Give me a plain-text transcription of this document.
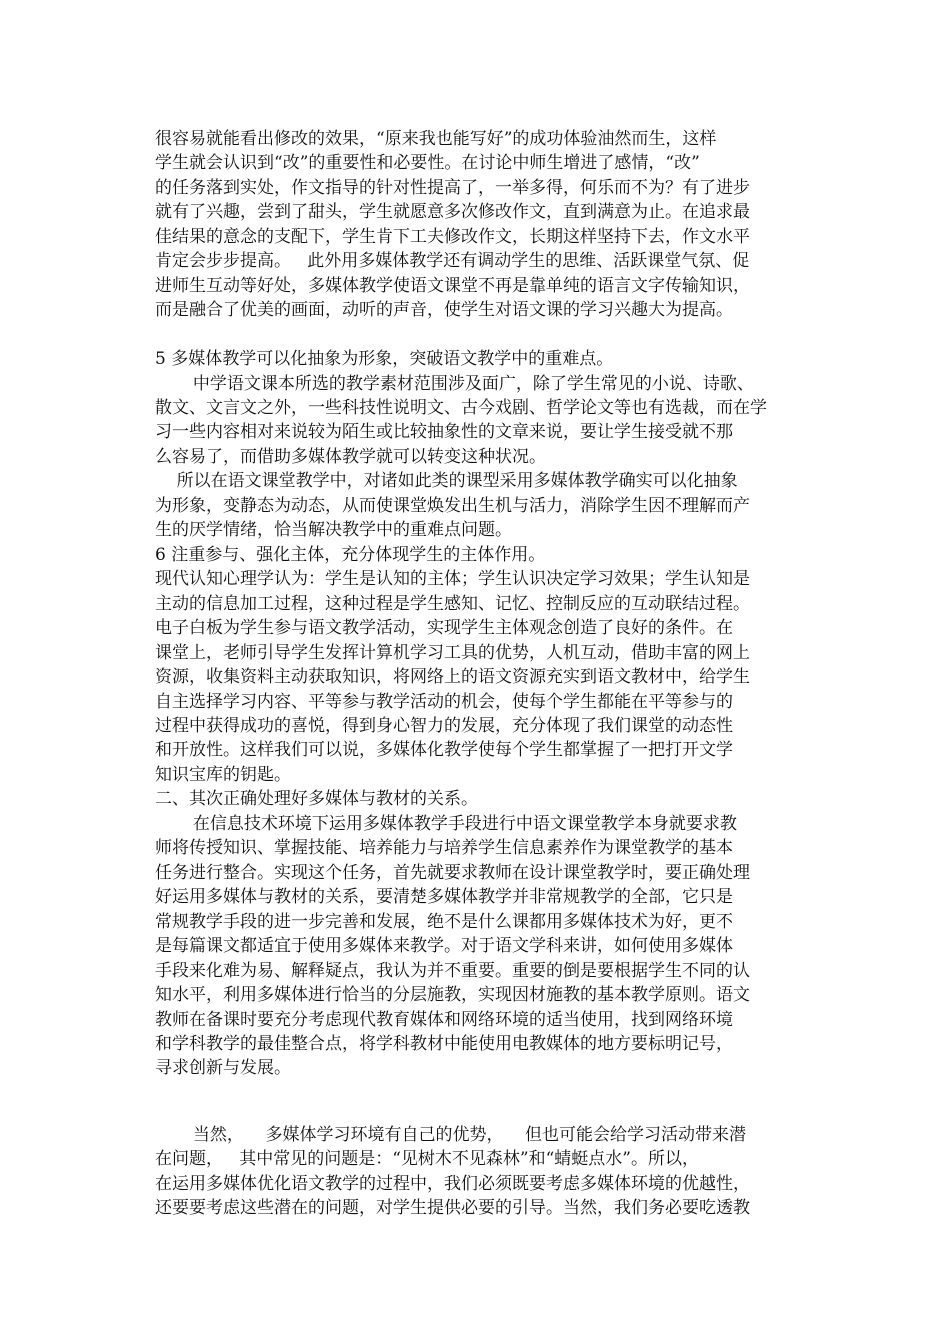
很容易就能看出修改的效果，“原来我也能写好”的成功体验油然而生，这样
学生就会认识到“改”的重要性和必要性。在讨论中师生增进了感情，“改”
的任务落到实处，作文指导的针对性提高了，一举多得，何乐而不为？有了进步
就有了兴趣，尝到了甜头，学生就愿意多次修改作文，直到满意为止。在追求最
佳结果的意念的支配下，学生肯下工夫修改作文，长期这样坚持下去，作文水平
肯定会步步提高。   此外用多媒体教学还有调动学生的思维、活跃课堂气氛、促
进师生互动等好处，多媒体教学使语文课堂不再是靠单纯的语言文字传输知识，
而是融合了优美的画面，动听的声音，使学生对语文课的学习兴趣大为提高。
5 多媒体教学可以化抽象为形象，突破语文教学中的重难点。
中学语文课本所选的教学素材范围涉及面广，除了学生常见的小说、诗歌、
散文、文言文之外，一些科技性说明文、古今戏剧、哲学论文等也有选裁，而在学
习一些内容相对来说较为陌生或比较抽象性的文章来说，要让学生接受就不那
么容易了，而借助多媒体教学就可以转变这种状况。
所以在语文课堂教学中，对诸如此类的课型采用多媒体教学确实可以化抽象
为形象，变静态为动态，从而使课堂焕发出生机与活力，消除学生因不理解而产
生的厌学情绪，恰当解决教学中的重难点问题。
6 注重参与、强化主体，充分体现学生的主体作用。
现代认知心理学认为：学生是认知的主体；学生认识决定学习效果；学生认知是
主动的信息加工过程，这种过程是学生感知、记忆、控制反应的互动联结过程。
电子白板为学生参与语文教学活动，实现学生主体观念创造了良好的条件。在
课堂上，老师引导学生发挥计算机学习工具的优势，人机互动，借助丰富的网上
资源，收集资料主动获取知识，将网络上的语文资源充实到语文教材中，给学生
自主选择学习内容、平等参与教学活动的机会，使每个学生都能在平等参与的
过程中获得成功的喜悦，得到身心智力的发展，充分体现了我们课堂的动态性
和开放性。这样我们可以说，多媒体化教学使每个学生都掌握了一把打开文学
知识宝库的钥匙。
二、其次正确处理好多媒体与教材的关系。
在信息技术环境下运用多媒体教学手段进行中语文课堂教学本身就要求教
师将传授知识、掌握技能、培养能力与培养学生信息素养作为课堂教学的基本
任务进行整合。实现这个任务，首先就要求教师在设计课堂教学时，要正确处理
好运用多媒体与教材的关系，要清楚多媒体教学并非常规教学的全部，它只是
常规教学手段的进一步完善和发展，绝不是什么课都用多媒体技术为好，更不
是每篇课文都适宜于使用多媒体来教学。对于语文学科来讲，如何使用多媒体
手段来化难为易、解释疑点，我认为并不重要。重要的倒是要根据学生不同的认
知水平，利用多媒体进行恰当的分层施教，实现因材施教的基本教学原则。语文
教师在备课时要充分考虑现代教育媒体和网络环境的适当使用，找到网络环境
和学科教学的最佳整合点，将学科教材中能使用电教媒体的地方要标明记号，
寻求创新与发展。
当然，    多媒体学习环境有自己的优势，    但也可能会给学习活动带来潜
在问题，   其中常见的问题是：“见树木不见森林”和“蜻蜓点水”。所以，
在运用多媒体优化语文教学的过程中，我们必须既要考虑多媒体环境的优越性，
还要要考虑这些潜在的问题，对学生提供必要的引导。当然，我们务必要吃透教
